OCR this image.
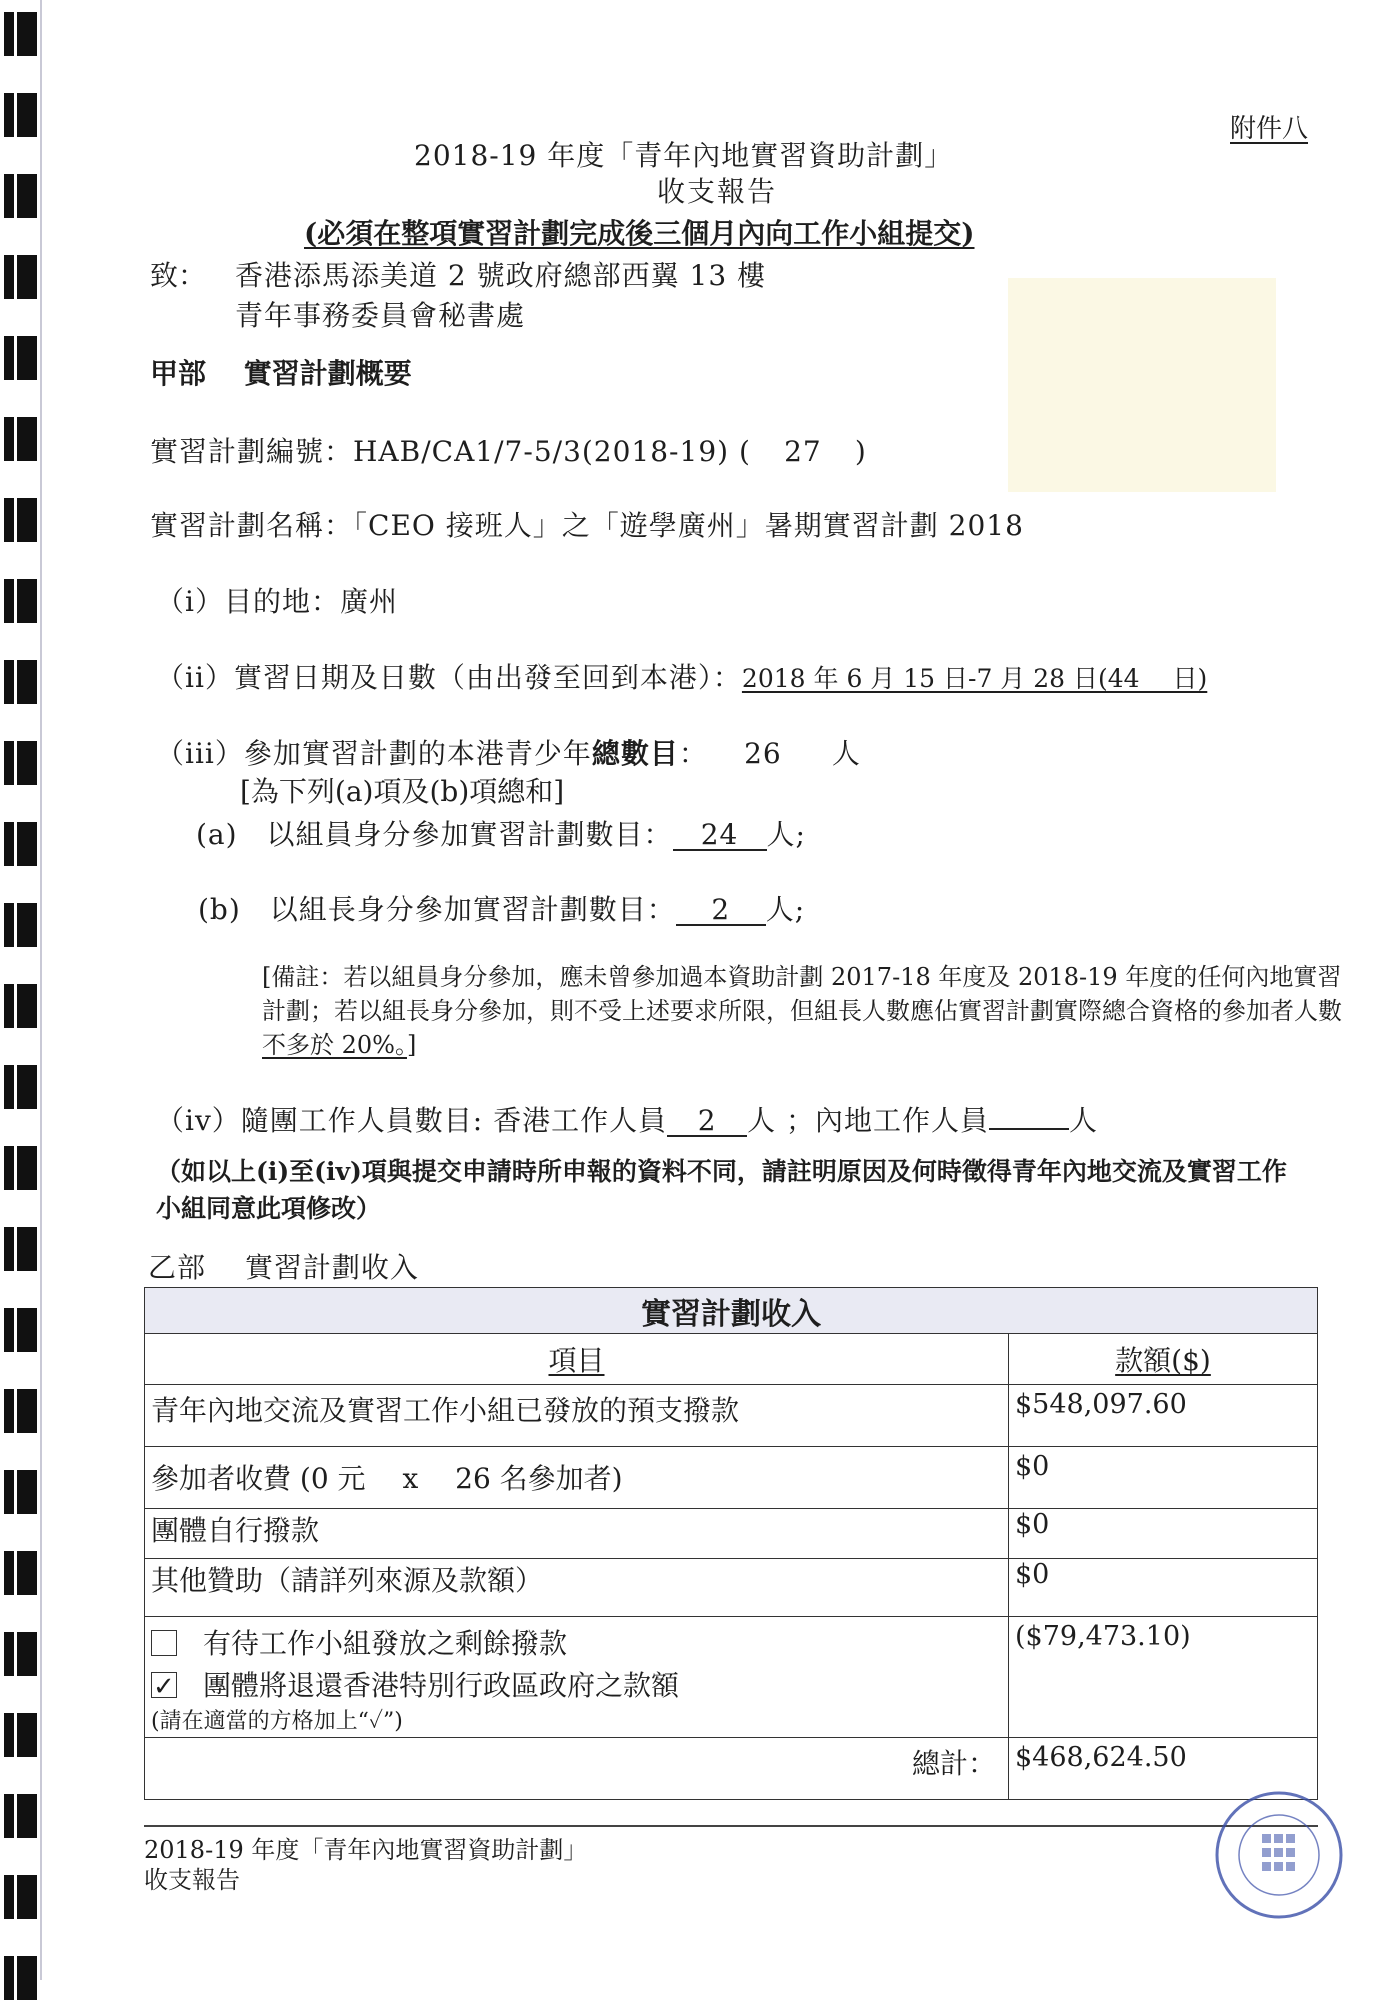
附件八
2018-19 年度「青年內地實習資助計劃」
收支報告
(必須在整項實習計劃完成後三個月內向工作小組提交)
致： 香港添馬添美道 2 號政府總部西翼 13 樓
青年事務委員會秘書處
甲部　 實習計劃概要
實習計劃編號：HAB/CA1/7-5/3(2018-19) ( 27 )
實習計劃名稱：「CEO 接班人」之「遊學廣州」暑期實習計劃 2018
（i）目的地：廣州
（ii）實習日期及日數（由出發至回到本港）：2018 年 6 月 15 日-7 月 28 日(44　 日)
（iii）參加實習計劃的本港青少年總數目： 26 人
[為下列(a)項及(b)項總和]
(a)　以組員身分參加實習計劃數目： 24 人;
(b)　以組長身分參加實習計劃數目： 2 人;
[備註：若以組員身分參加，應未曾參加過本資助計劃 2017-18 年度及 2018-19 年度的任何內地實習計劃；若以組長身分參加，則不受上述要求所限，但組長人數應佔實習計劃實際總合資格的參加者人數不多於 20%。]
（iv）隨團工作人員數目: 香港工作人員 2 人 ；內地工作人員	人
（如以上(i)至(iv)項與提交申請時所申報的資料不同，請註明原因及何時徵得青年內地交流及實習工作小組同意此項修改）
乙部　 實習計劃收入
實習計劃收入	
項目	款額($)
青年內地交流及實習工作小組已發放的預支撥款	$548,097.60
參加者收費 (0 元　 x　 26 名參加者)	$0
團體自行撥款	$0
其他贊助（請詳列來源及款額）	$0

有待工作小組發放之剩餘撥款
✓團體將退還香港特別行政區政府之款額
(請在適當的方格加上“✓”)	($79,473.10)
總計：	$468,624.50
2018-19 年度「青年內地實習資助計劃」
收支報告
